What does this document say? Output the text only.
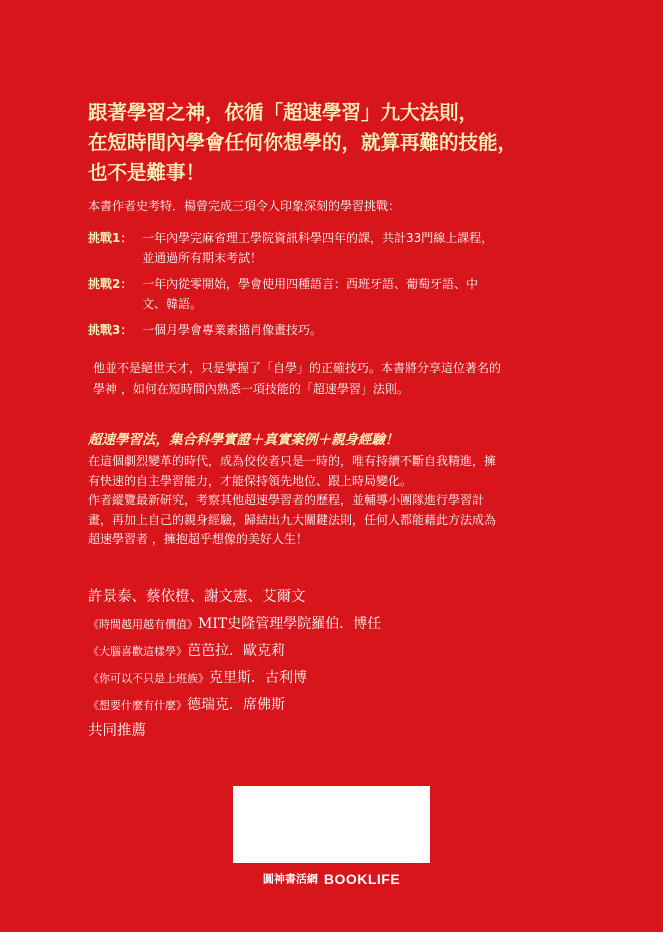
跟著學習之神，依循「超速學習」九大法則，
在短時間內學會任何你想學的，就算再難的技能，
也不是難事！
本書作者史考特．楊曾完成三項令人印象深刻的學習挑戰：
挑戰1： 一年內學完麻省理工學院資訊科學四年的課，共計33門線上課程，
並通過所有期末考試！
挑戰2： 一年內從零開始，學會使用四種語言：西班牙語、葡萄牙語、中
文、韓語。
挑戰3： 一個月學會專業素描肖像畫技巧。
他並不是絕世天才，只是掌握了「自學」的正確技巧。本書將分享這位著名的
學神 ，如何在短時間內熟悉一項技能的「超速學習」法則。
超速學習法，集合科學實證＋真實案例＋親身經驗！
在這個劇烈變革的時代，成為佼佼者只是一時的，唯有持續不斷自我精進，擁
有快速的自主學習能力，才能保持領先地位、跟上時局變化。
作者縱覽最新研究，考察其他超速學習者的歷程，並輔導小團隊進行學習計
畫，再加上自己的親身經驗，歸結出九大關鍵法則，任何人都能藉此方法成為
超速學習者 ，擁抱超乎想像的美好人生！
許景泰、蔡依橙、謝文憲、艾爾文
《時間越用越有價值》MIT史隆管理學院羅伯．博任
《大腦喜歡這樣學》芭芭拉．歐克莉
《你可以不只是上班族》克里斯．古利博
《想要什麼有什麼》德瑞克．席佛斯
共同推薦
圓神書活網 BOOKLIFE
